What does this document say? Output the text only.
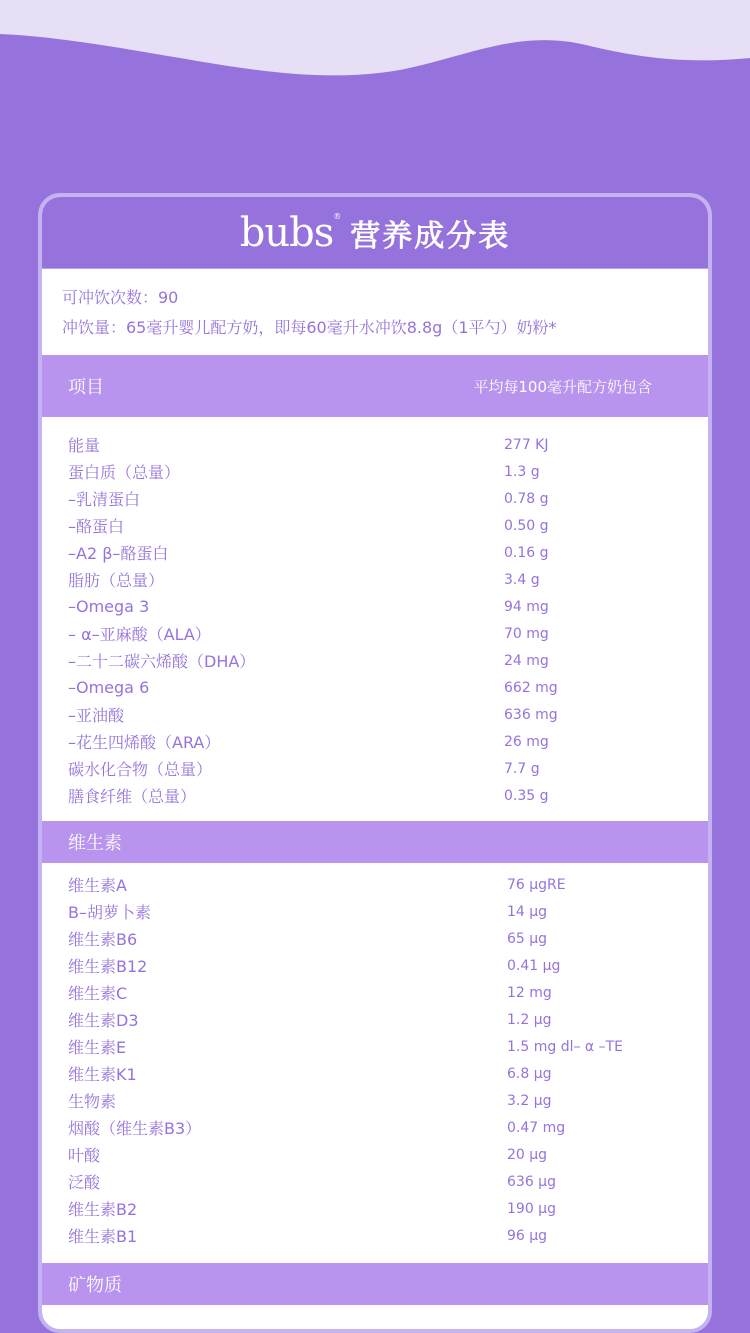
bubs®
营养成分表
可冲饮次数：90
冲饮量：65毫升婴儿配方奶，即每60毫升水冲饮8.8g（1平勺）奶粉*
项目	平均每100毫升配方奶包含
能量	277 KJ
蛋白质（总量）	1.3 g
–乳清蛋白	0.78 g
–酪蛋白	0.50 g
–A2 β–酪蛋白	0.16 g
脂肪（总量）	3.4 g
–Omega 3	94 mg
– α–亚麻酸（ALA）	70 mg
–二十二碳六烯酸（DHA）	24 mg
–Omega 6	662 mg
–亚油酸	636 mg
–花生四烯酸（ARA）	26 mg
碳水化合物（总量）	7.7 g
膳食纤维（总量）	0.35 g
维生素
维生素A	76 μgRE
Β–胡萝卜素	14 μg
维生素B6	65 μg
维生素B12	0.41 μg
维生素C	12 mg
维生素D3	1.2 μg
维生素E	1.5 mg dl– α –TE
维生素K1	6.8 μg
生物素	3.2 μg
烟酸（维生素B3）	0.47 mg
叶酸	20 μg
泛酸	636 μg
维生素B2	190 μg
维生素B1	96 μg
矿物质
